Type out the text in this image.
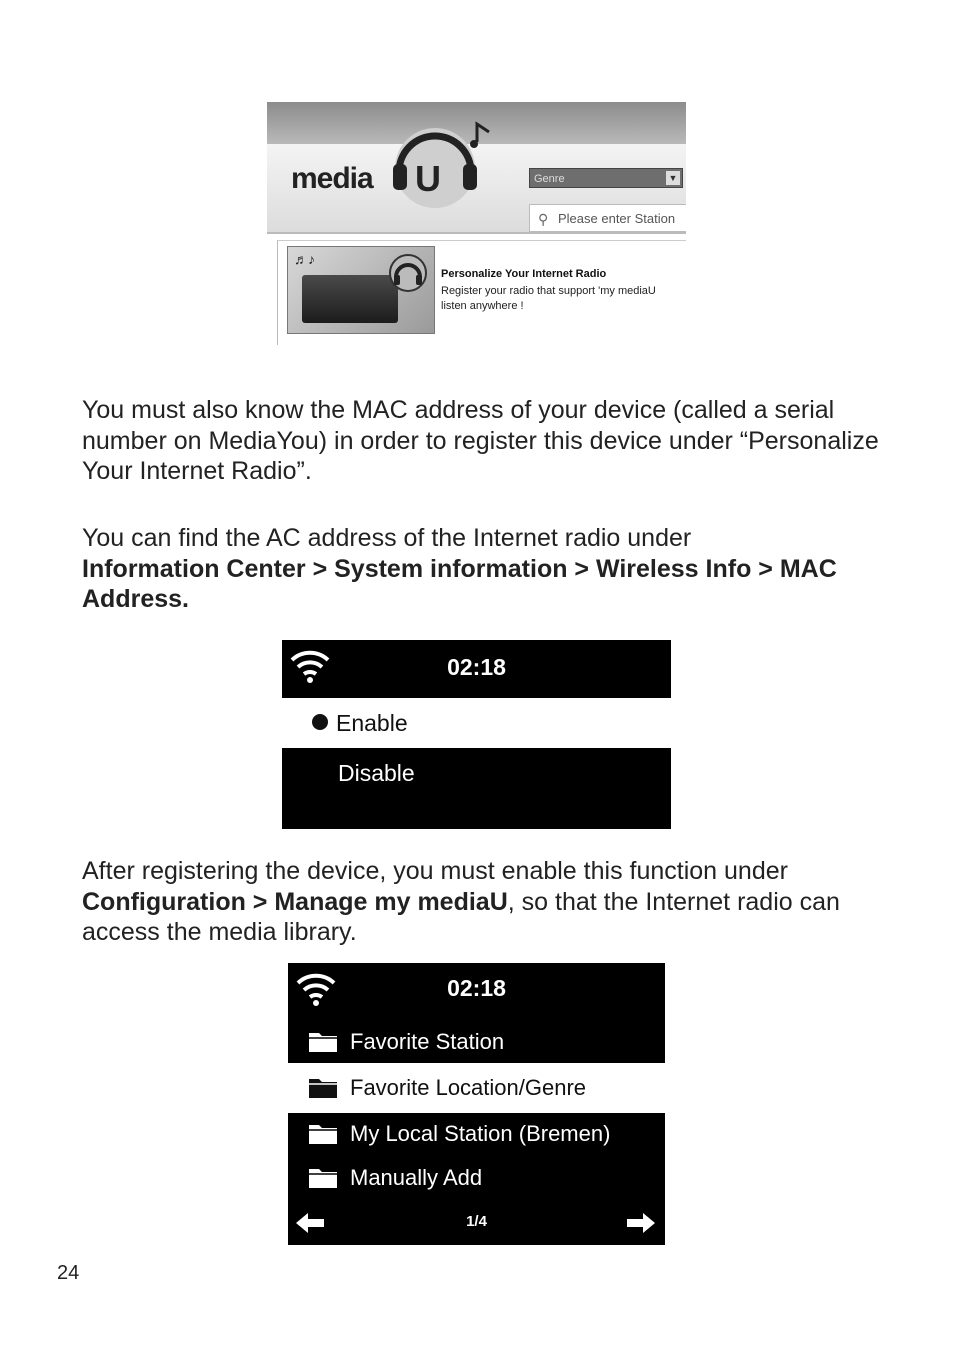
media U	Genre	▼
⚲ Please enter Station
♬♪
Personalize Your Internet Radio
Register your radio that support 'my mediaU
listen anywhere !
You must also know the MAC address of your device (called a serial number on MediaYou) in order to register this device under “Personalize Your Internet Radio”.
You can find the AC address of the Internet radio under
Information Center > System information > Wireless Info > MAC Address.
02:18
Enable
Disable
After registering the device, you must enable this function under Configuration > Manage my mediaU, so that the Internet radio can access the media library.
02:18
Favorite Station
Favorite Location/Genre
My Local Station (Bremen)
Manually Add
1/4
24
